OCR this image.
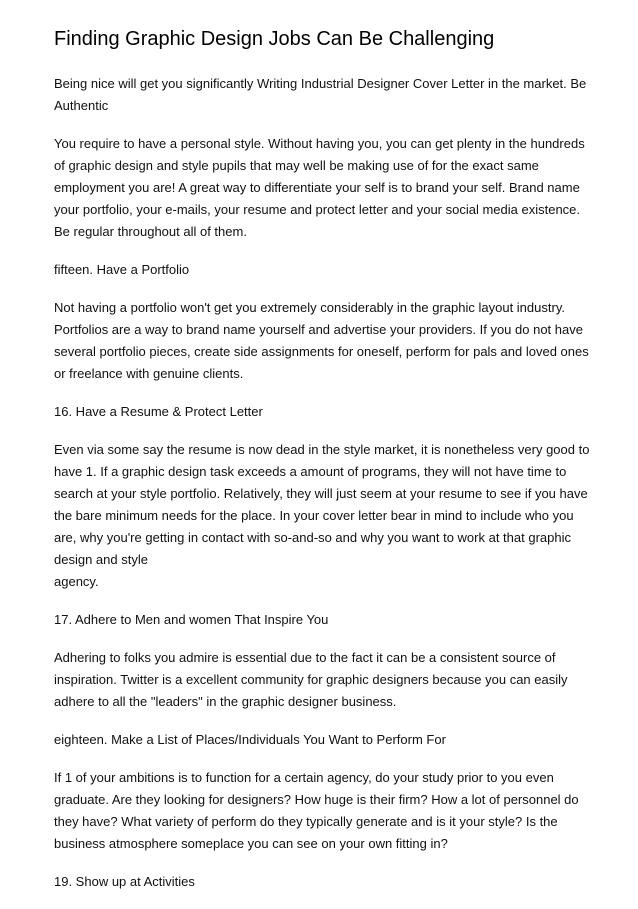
Finding Graphic Design Jobs Can Be Challenging

Being nice will get you significantly Writing Industrial Designer Cover Letter in the market. Be
Authentic

You require to have a personal style. Without having you, you can get plenty in the hundreds
of graphic design and style pupils that may well be making use of for the exact same
employment you are! A great way to differentiate your self is to brand your self. Brand name
your portfolio, your e-mails, your resume and protect letter and your social media existence.
Be regular throughout all of them.

fifteen. Have a Portfolio

Not having a portfolio won't get you extremely considerably in the graphic layout industry.
Portfolios are a way to brand name yourself and advertise your providers. If you do not have
several portfolio pieces, create side assignments for oneself, perform for pals and loved ones
or freelance with genuine clients.

16. Have a Resume & Protect Letter

Even via some say the resume is now dead in the style market, it is nonetheless very good to
have 1. If a graphic design task exceeds a amount of programs, they will not have time to
search at your style portfolio. Relatively, they will just seem at your resume to see if you have
the bare minimum needs for the place. In your cover letter bear in mind to include who you
are, why you're getting in contact with so-and-so and why you want to work at that graphic
design and style
agency.

17. Adhere to Men and women That Inspire You

Adhering to folks you admire is essential due to the fact it can be a consistent source of
inspiration. Twitter is a excellent community for graphic designers because you can easily
adhere to all the "leaders" in the graphic designer business.

eighteen. Make a List of Places/Individuals You Want to Perform For

If 1 of your ambitions is to function for a certain agency, do your study prior to you even
graduate. Are they looking for designers? How huge is their firm? How a lot of personnel do
they have? What variety of perform do they typically generate and is it your style? Is the
business atmosphere someplace you can see on your own fitting in?

19. Show up at Activities
